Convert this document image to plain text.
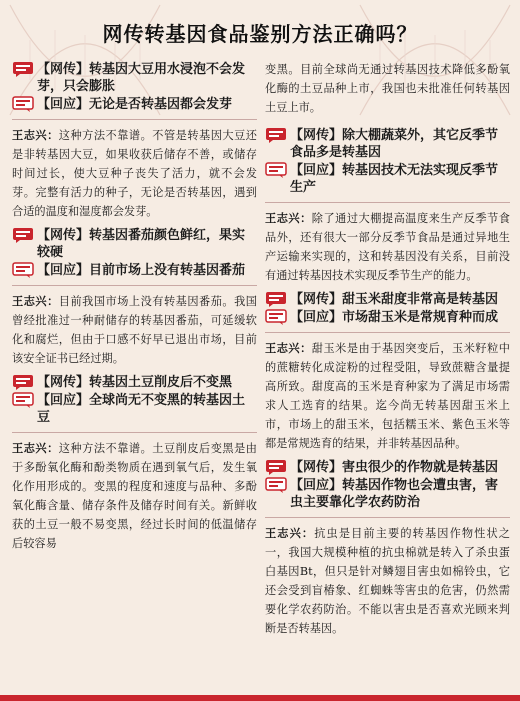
网传转基因食品鉴别方法正确吗？
【网传】转基因大豆用水浸泡不会发芽，只会膨胀
【回应】无论是否转基因都会发芽

王志兴：这种方法不靠谱。不管是转基因大豆还是非转基因大豆，如果收获后储存不善，或储存时间过长，使大豆种子丧失了活力，就不会发芽。完整有活力的种子，无论是否转基因，遇到合适的温度和湿度都会发芽。

【网传】转基因番茄颜色鲜红，果实较硬
【回应】目前市场上没有转基因番茄

王志兴：目前我国市场上没有转基因番茄。我国曾经批准过一种耐储存的转基因番茄，可延缓软化和腐烂，但由于口感不好早已退出市场，目前该安全证书已经过期。

【网传】转基因土豆削皮后不变黑
【回应】全球尚无不变黑的转基因土豆

王志兴：这种方法不靠谱。土豆削皮后变黑是由于多酚氧化酶和酚类物质在遇到氧气后，发生氧化作用形成的。变黑的程度和速度与品种、多酚氧化酶含量、储存条件及储存时间有关。新鲜收获的土豆一般不易变黑，经过长时间的低温储存后较容易

变黑。目前全球尚无通过转基因技术降低多酚氧化酶的土豆品种上市，我国也未批准任何转基因土豆上市。

【网传】除大棚蔬菜外，其它反季节食品多是转基因
【回应】转基因技术无法实现反季节生产

王志兴：除了通过大棚提高温度来生产反季节食品外，还有很大一部分反季节食品是通过异地生产运输来实现的，这和转基因没有关系，目前没有通过转基因技术实现反季节生产的能力。

【网传】甜玉米甜度非常高是转基因
【回应】市场甜玉米是常规育种而成

王志兴：甜玉米是由于基因突变后，玉米籽粒中的蔗糖转化成淀粉的过程受阻，导致蔗糖含量提高所致。甜度高的玉米是育种家为了满足市场需求人工选育的结果。迄今尚无转基因甜玉米上市，市场上的甜玉米，包括糯玉米、紫色玉米等都是常规选育的结果，并非转基因品种。

【网传】害虫很少的作物就是转基因
【回应】转基因作物也会遭虫害，害虫主要靠化学农药防治

王志兴：抗虫是目前主要的转基因作物性状之一，我国大规模种植的抗虫棉就是转入了杀虫蛋白基因Bt，但只是针对鳞翅目害虫如棉铃虫，它还会受到盲椿象、红蜘蛛等害虫的危害，仍然需要化学农药防治。不能以害虫是否喜欢光顾来判断是否转基因。
